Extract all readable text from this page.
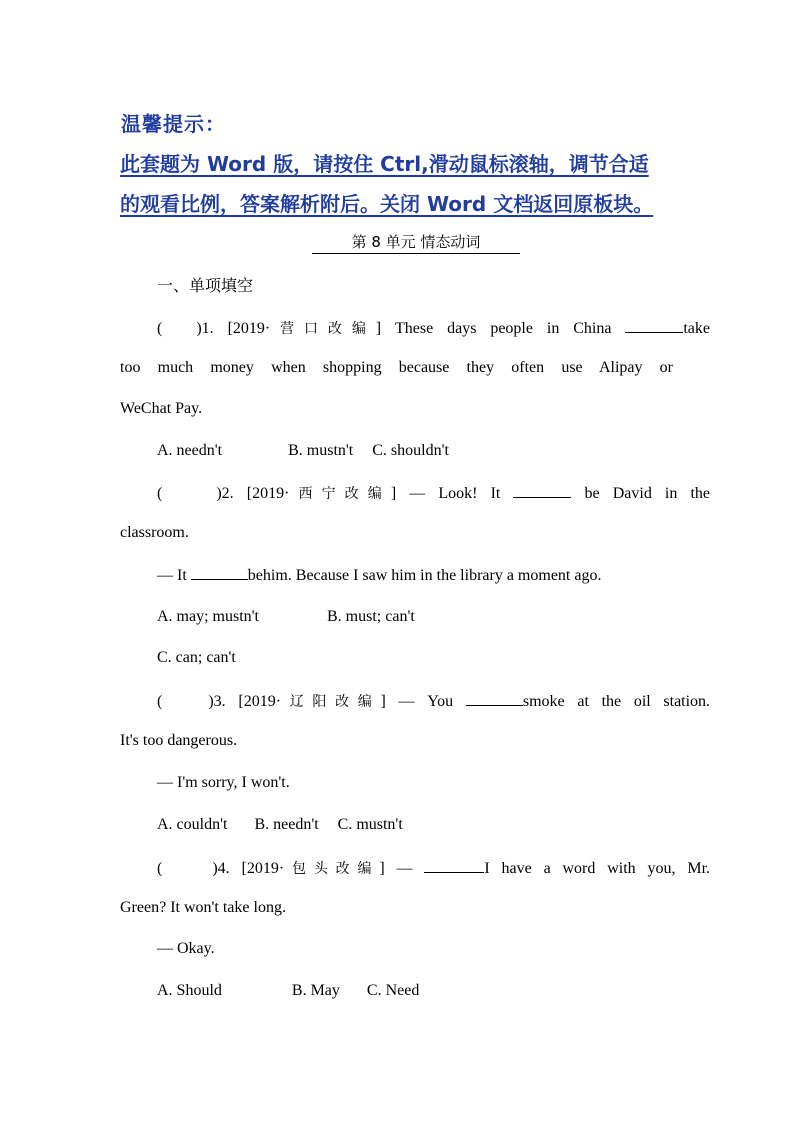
温馨提示：
此套题为 Word 版，请按住 Ctrl,滑动鼠标滚轴，调节合适
的观看比例，答案解析附后。关闭 Word 文档返回原板块。
第 8 单元 情态动词
一、单项填空
( )1. [2019·营口改编] These days people in China	take
too much money when shopping because they often use Alipay or
WeChat Pay.
A. needn't	B. mustn't C. shouldn't
(	)2. [2019·西宁改编] — Look! It	be David in the
classroom.
— It	behim. Because I saw him in the library a moment ago.
A. may; mustn't	B. must; can't
C. can; can't
(	)3. [2019·辽阳改编] — You	smoke at the oil station.
It's too dangerous.
— I'm sorry, I won't.
A. couldn't B. needn't C. mustn't
(	)4. [2019·包头改编] —	I have a word with you, Mr.
Green? It won't take long.
— Okay.
A. Should	B. May C. Need
